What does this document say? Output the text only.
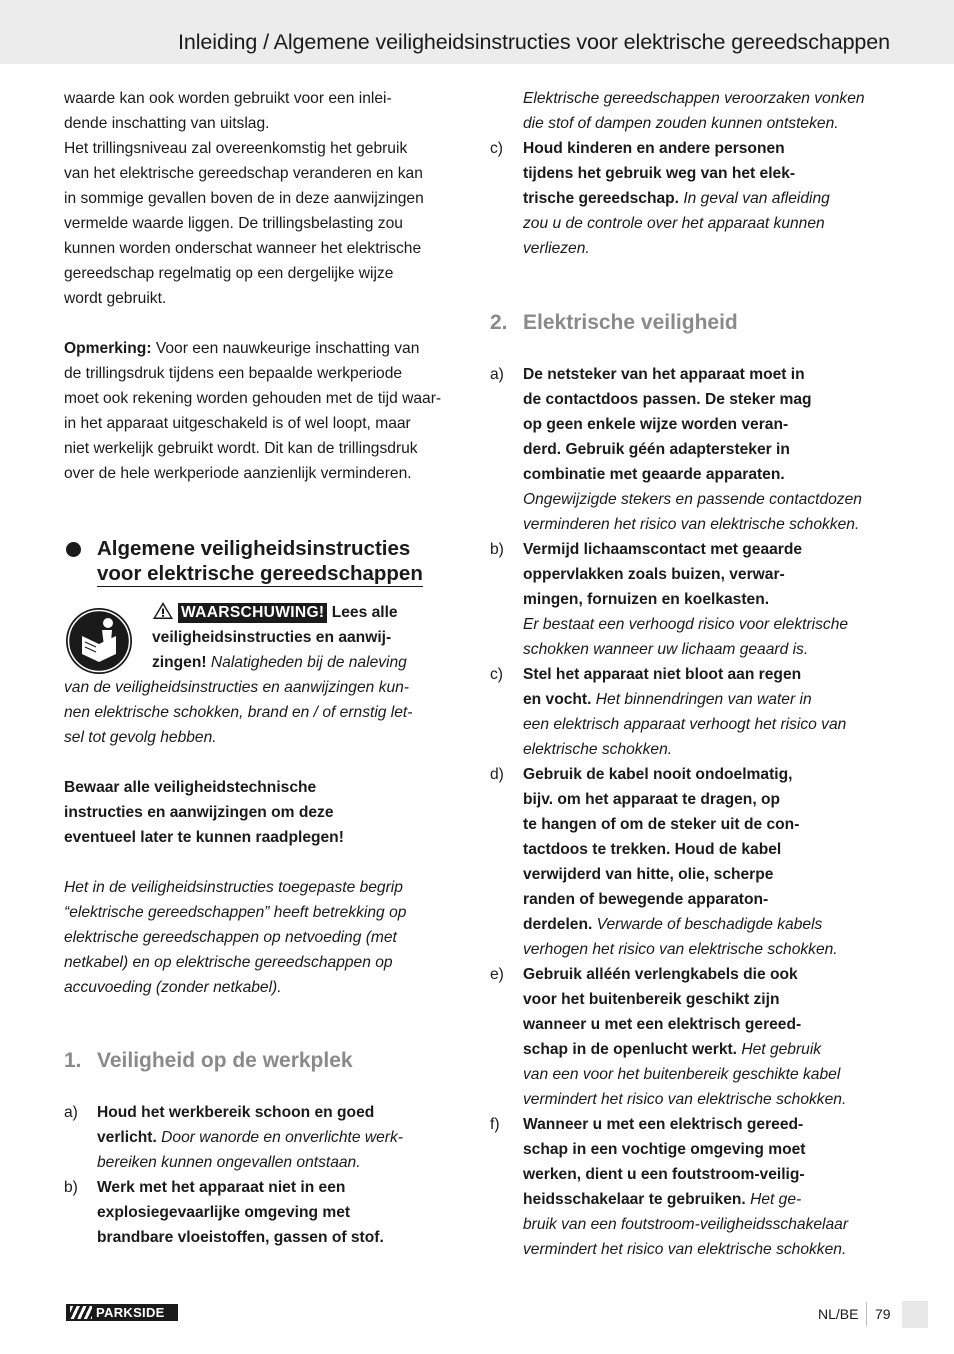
Inleiding / Algemene veiligheidsinstructies voor elektrische gereedschappen

waarde kan ook worden gebruikt voor een inlei-

dende inschatting van uitslag.

Het trillingsniveau zal overeenkomstig het gebruik

van het elektrische gereedschap veranderen en kan

in sommige gevallen boven de in deze aanwijzingen

vermelde waarde liggen. De trillingsbelasting zou

kunnen worden onderschat wanneer het elektrische

gereedschap regelmatig op een dergelijke wijze

wordt gebruikt.

Opmerking: Voor een nauwkeurige inschatting van

de trillingsdruk tijdens een bepaalde werkperiode

moet ook rekening worden gehouden met de tijd waar-

in het apparaat uitgeschakeld is of wel loopt, maar

niet werkelijk gebruikt wordt. Dit kan de trillingsdruk

over de hele werkperiode aanzienlijk verminderen.

Algemene veiligheidsinstructies
voor elektrische gereedschappen

WAARSCHUWING! Lees alle

veiligheidsinstructies en aanwij-

zingen! Nalatigheden bij de naleving

van de veiligheidsinstructies en aanwijzingen kun-

nen elektrische schokken, brand en / of ernstig let-

sel tot gevolg hebben.

Bewaar alle veiligheidstechnische

instructies en aanwijzingen om deze

eventueel later te kunnen raadplegen!

Het in de veiligheidsinstructies toegepaste begrip

“elektrische gereedschappen” heeft betrekking op

elektrische gereedschappen op netvoeding (met

netkabel) en op elektrische gereedschappen op

accuvoeding (zonder netkabel).

1. Veiligheid op de werkplek
a) Houd het werkbereik schoon en goed

verlicht. Door wanorde en onverlichte werk-

bereiken kunnen ongevallen ontstaan.

b) Werk met het apparaat niet in een

explosiegevaarlijke omgeving met

brandbare vloeistoffen, gassen of stof.

Elektrische gereedschappen veroorzaken vonken

die stof of dampen zouden kunnen ontsteken.

c) Houd kinderen en andere personen

tijdens het gebruik weg van het elek-

trische gereedschap. In geval van afleiding

zou u de controle over het apparaat kunnen

verliezen.

2. Elektrische veiligheid
a) De netsteker van het apparaat moet in

de contactdoos passen. De steker mag

op geen enkele wijze worden veran-

derd. Gebruik géén adaptersteker in

combinatie met geaarde apparaten.

Ongewijzigde stekers en passende contactdozen

verminderen het risico van elektrische schokken.

b) Vermijd lichaamscontact met geaarde

oppervlakken zoals buizen, verwar-

mingen, fornuizen en koelkasten.

Er bestaat een verhoogd risico voor elektrische

schokken wanneer uw lichaam geaard is.

c) Stel het apparaat niet bloot aan regen

en vocht. Het binnendringen van water in

een elektrisch apparaat verhoogt het risico van

elektrische schokken.

d) Gebruik de kabel nooit ondoelmatig,

bijv. om het apparaat te dragen, op

te hangen of om de steker uit de con-

tactdoos te trekken. Houd de kabel

verwijderd van hitte, olie, scherpe

randen of bewegende apparaton-

derdelen. Verwarde of beschadigde kabels

verhogen het risico van elektrische schokken.

e) Gebruik alléén verlengkabels die ook

voor het buitenbereik geschikt zijn

wanneer u met een elektrisch gereed-

schap in de openlucht werkt. Het gebruik

van een voor het buitenbereik geschikte kabel

vermindert het risico van elektrische schokken.

f) Wanneer u met een elektrisch gereed-

schap in een vochtige omgeving moet

werken, dient u een foutstroom-veilig-

heidsschakelaar te gebruiken. Het ge-

bruik van een foutstroom-veiligheidsschakelaar

vermindert het risico van elektrische schokken.

PARKSIDE	NL/BE 79
